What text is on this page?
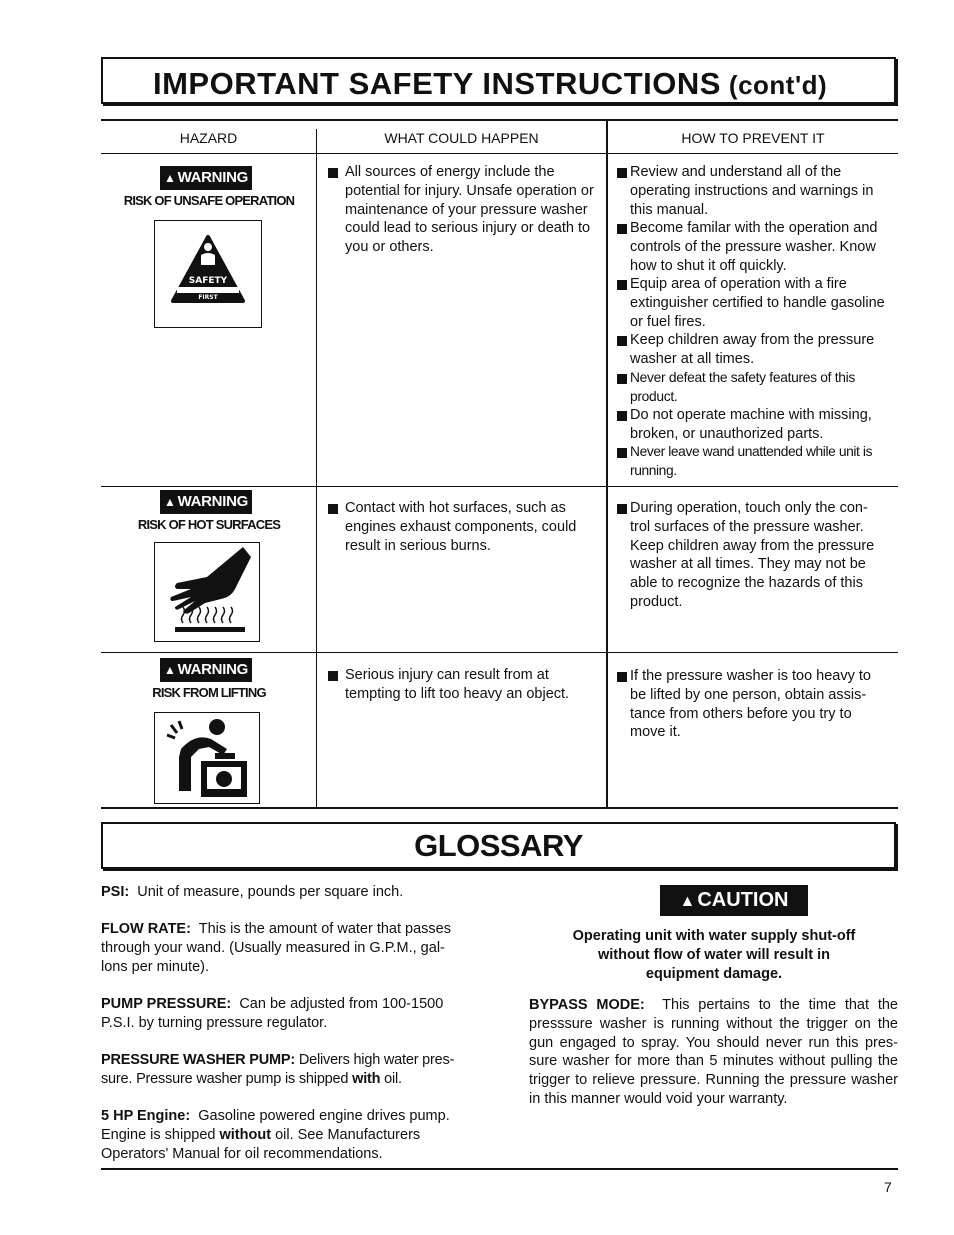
IMPORTANT SAFETY INSTRUCTIONS (cont'd)
HAZARD	WHAT COULD HAPPEN	HOW TO PREVENT IT
▲ WARNING
RISK OF UNSAFE OPERATION
SAFETY
FIRST
All sources of energy include the potential for injury. Unsafe operation or maintenance of your pressure washer could lead to serious injury or death to you or others.
Review and understand all of the operating instructions and warnings in this manual.
Become familar with the operation and controls of the pressure washer. Know how to shut it off quickly.
Equip area of operation with a fire extinguisher certified to handle gasoline or fuel fires.
Keep children away from the pressure washer at all times.
Never defeat the safety features of this product.
Do not operate machine with missing, broken, or unauthorized parts.
Never leave wand unattended while unit is running.
▲ WARNING
RISK OF HOT SURFACES
Contact with hot surfaces, such as engines exhaust components, could result in serious burns.
During operation, touch only the con- trol surfaces of the pressure washer. Keep children away from the pressure washer at all times. They may not be able to recognize the hazards of this product.
▲ WARNING
RISK FROM LIFTING
Serious injury can result from at tempting to lift too heavy an object.
If the pressure washer is too heavy to be lifted by one person, obtain assis- tance from others before you try to move it.
GLOSSARY
PSI: Unit of measure, pounds per square inch.
FLOW RATE: This is the amount of water that passes through your wand. (Usually measured in G.P.M., gal- lons per minute).
PUMP PRESSURE: Can be adjusted from 100-1500 P.S.I. by turning pressure regulator.
PRESSURE WASHER PUMP: Delivers high water pres- sure. Pressure washer pump is shipped with oil.
5 HP Engine: Gasoline powered engine drives pump. Engine is shipped without oil. See Manufacturers Operators' Manual for oil recommendations.
▲ CAUTION
Operating unit with water supply shut-off
without flow of water will result in
equipment damage.
BYPASS MODE: This pertains to the time that the presssure washer is running without the trigger on the gun engaged to spray. You should never run this pres- sure washer for more than 5 minutes without pulling the trigger to relieve pressure. Running the pressure washer in this manner would void your warranty.
7
